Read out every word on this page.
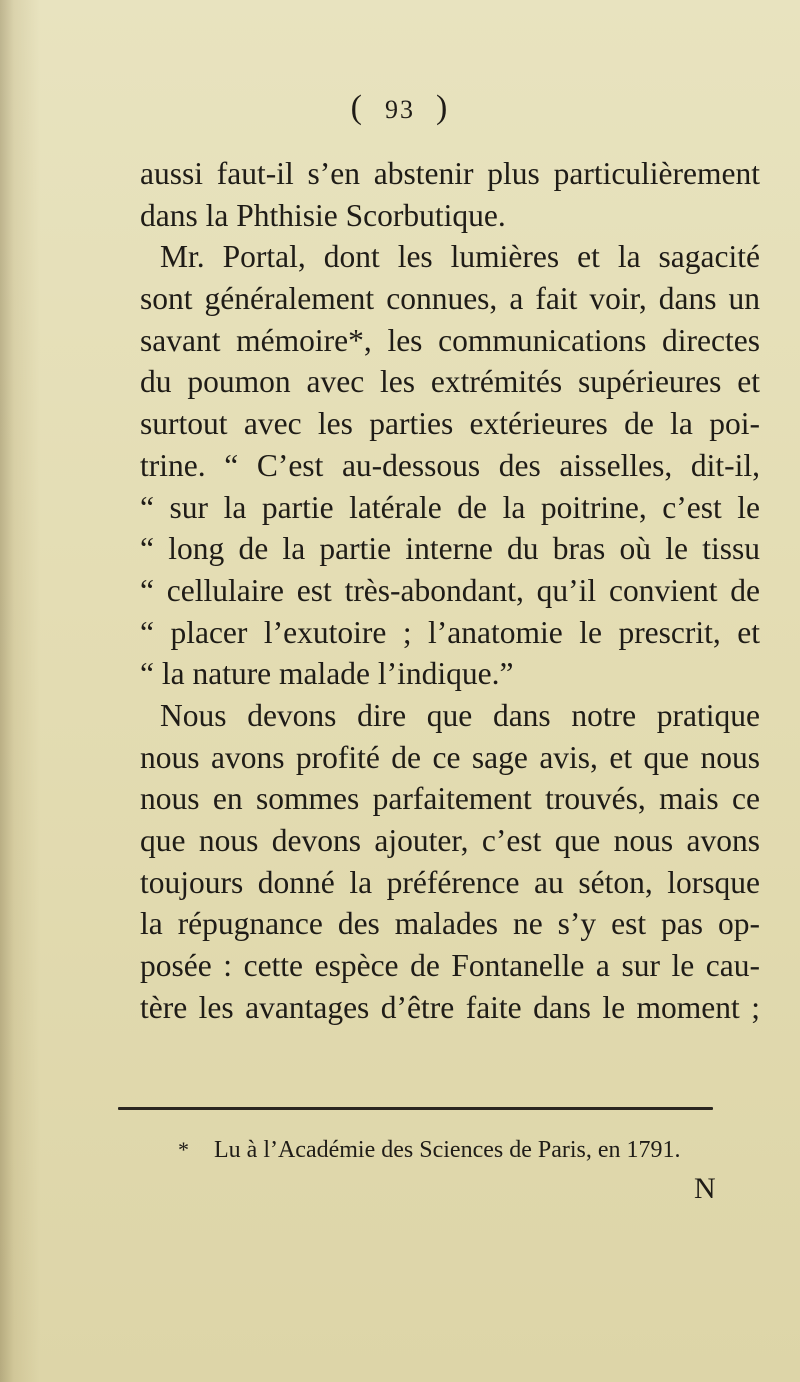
( 93 )
aussi faut-il s’en abstenir plus particulièrement
dans la Phthisie Scorbutique.
Mr. Portal, dont les lumières et la sagacité
sont généralement connues, a fait voir, dans un
savant mémoire*, les communications directes
du poumon avec les extrémités supérieures et
surtout avec les parties extérieures de la poi-
trine. “ C’est au-dessous des aisselles, dit-il,
“ sur la partie latérale de la poitrine, c’est le
“ long de la partie interne du bras où le tissu
“ cellulaire est très-abondant, qu’il convient de
“ placer l’exutoire ; l’anatomie le prescrit, et
“ la nature malade l’indique.”
Nous devons dire que dans notre pratique
nous avons profité de ce sage avis, et que nous
nous en sommes parfaitement trouvés, mais ce
que nous devons ajouter, c’est que nous avons
toujours donné la préférence au séton, lorsque
la répugnance des malades ne s’y est pas op-
posée : cette espèce de Fontanelle a sur le cau-
tère les avantages d’être faite dans le moment ;
* Lu à l’Académie des Sciences de Paris, en 1791.
N
